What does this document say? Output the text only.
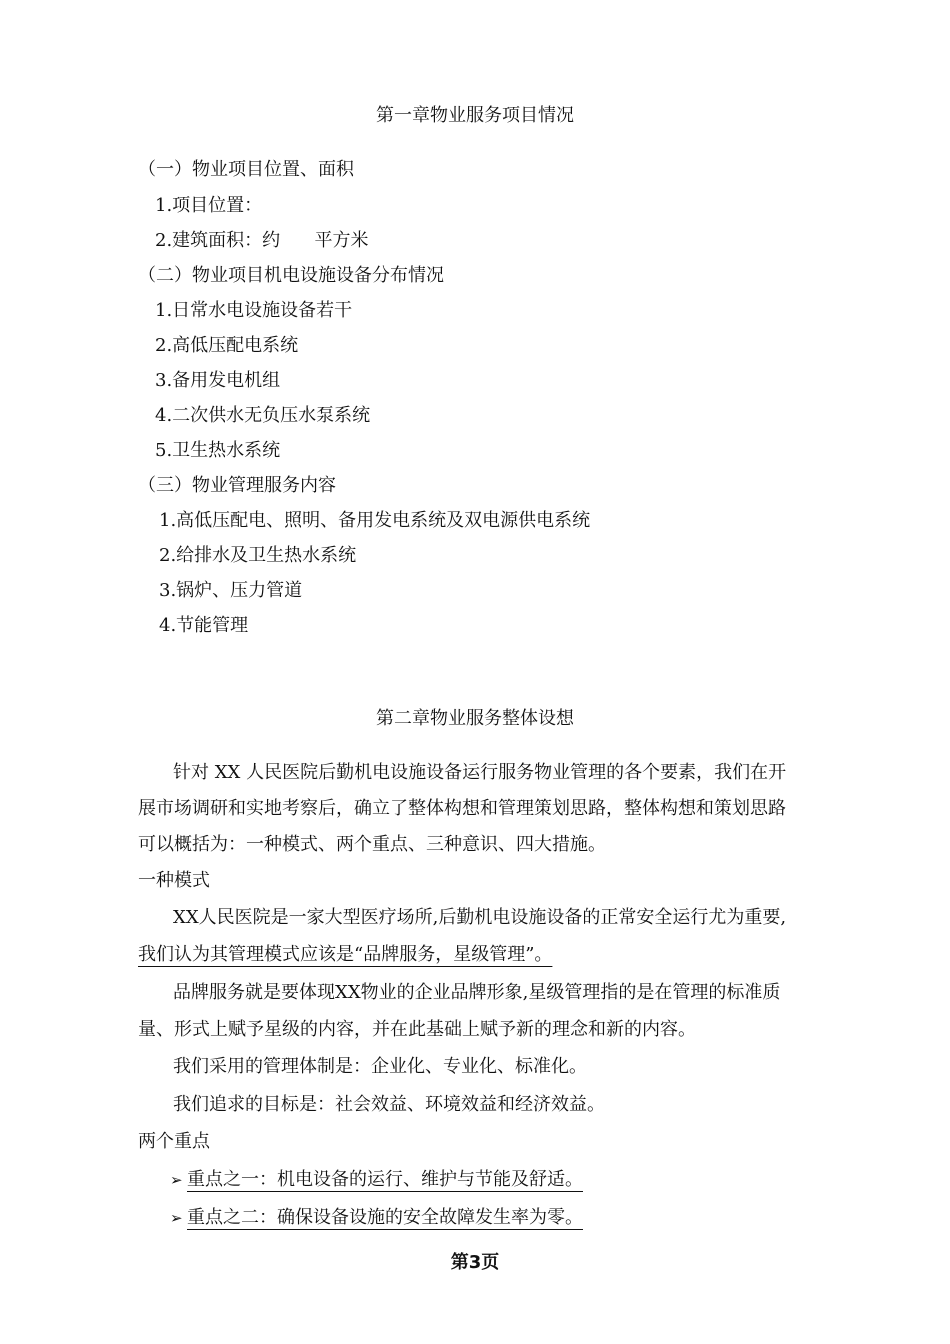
第一章物业服务项目情况
（一）物业项目位置、面积
1.项目位置：
2.建筑面积：约      平方米
（二）物业项目机电设施设备分布情况
1.日常水电设施设备若干
2.高低压配电系统
3.备用发电机组
4.二次供水无负压水泵系统
5.卫生热水系统
（三）物业管理服务内容
1.高低压配电、照明、备用发电系统及双电源供电系统
2.给排水及卫生热水系统
3.锅炉、压力管道
4.节能管理
第二章物业服务整体设想
针对 XX 人民医院后勤机电设施设备运行服务物业管理的各个要素，我们在开
展市场调研和实地考察后，确立了整体构想和管理策划思路，整体构想和策划思路
可以概括为：一种模式、两个重点、三种意识、四大措施。
一种模式
XX人民医院是一家大型医疗场所,后勤机电设施设备的正常安全运行尤为重要,
我们认为其管理模式应该是“品牌服务，星级管理”。
品牌服务就是要体现XX物业的企业品牌形象,星级管理指的是在管理的标准质
量、形式上赋予星级的内容，并在此基础上赋予新的理念和新的内容。
我们采用的管理体制是：企业化、专业化、标准化。
我们追求的目标是：社会效益、环境效益和经济效益。
两个重点
➢ 重点之一：机电设备的运行、维护与节能及舒适。
➢ 重点之二：确保设备设施的安全故障发生率为零。
第3页
